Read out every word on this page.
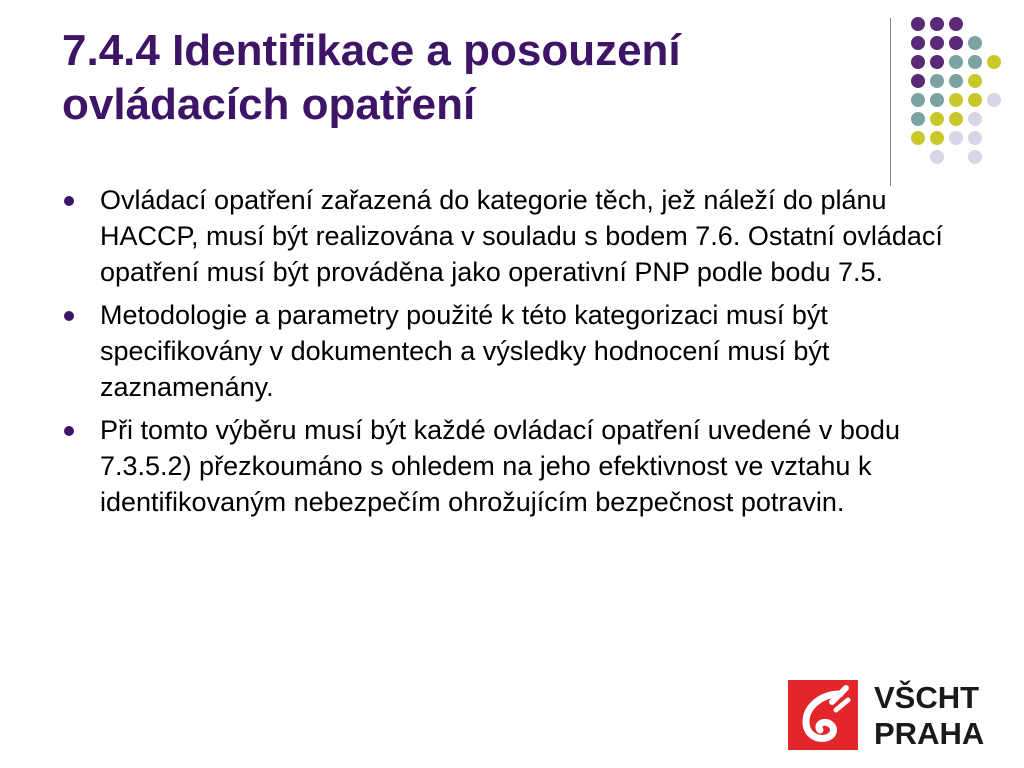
7.4.4 Identifikace a posouzení ovládacích opatření
Ovládací opatření zařazená do kategorie těch, jež náleží do plánu HACCP, musí být realizována v souladu s bodem 7.6. Ostatní ovládací opatření musí být prováděna jako operativní PNP podle bodu 7.5.
Metodologie a parametry použité k této kategorizaci musí být specifikovány v dokumentech a výsledky hodnocení musí být zaznamenány.
Při tomto výběru musí být každé ovládací opatření uvedené v bodu 7.3.5.2) přezkoumáno s ohledem na jeho efektivnost ve vztahu k identifikovaným nebezpečím ohrožujícím bezpečnost potravin.
VŠCHT
PRAHA
